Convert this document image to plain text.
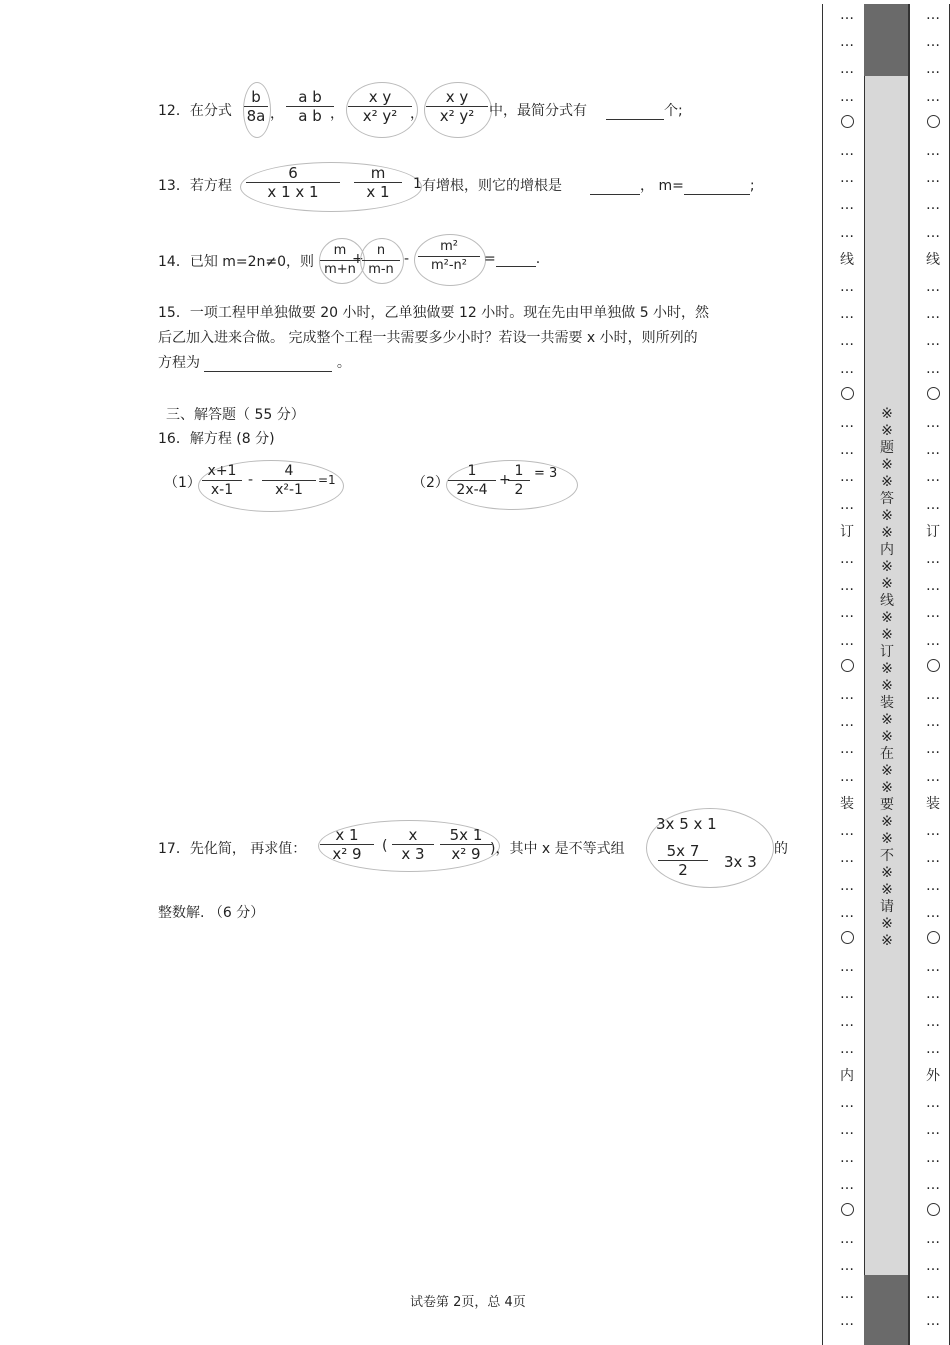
12．在分式 $\frac{b}{8a}$ ， $\frac{\text{a b}}{\text{a b}}$
， $\frac{\text{x y}}{\text{x² y²}}$
， $\frac{\text{x y}}{\text{x² y²}}$ 中，最简分式有	个;
13．若方程 $\frac{6}{x 1 x 1} \frac{m}{x 1} 1$ 有增根，则它的增根是	， m=	;
14．已知 m=2n≠0，则 $\frac{m}{m+n}$
+
$\frac{n}{m-n} - \frac{\text{m²}}{\text{m²-n²}}$ =	.
15．一项工程甲单独做要 20 小时，乙单独做要 12 小时。现在先由甲单独做 5 小时，然
后乙加入进来合做。 完成整个工程一共需要多少小时？若设一共需要 x 小时，则所列的
方程为	。
三、解答题（ 55 分）
16．解方程 (8 分)
$(1) \frac{x+1}{x-1} - \frac{4}{\text{x²-1}} =1$	$(2) \frac{1}{2x-4}$ +
$\frac{1}{2} = 3$
17．先化简， 再求值： $\frac{x 1}{\text{x² 9}}$ ( $\frac{x}{x 3} \frac{5x 1}{\text{x² 9}}$
)，其中 x 是不等式组
3x 5 x 1
$\frac{5x 7}{2} 3x$ 3
的
整数解. （6 分）
试卷第 2页，总 4页
…
…
…
…
…
…
…
…
线
…
…
…
…
…
…
…
…
订
…
…
…
…
…
…
…
…
装
…
…
…
…
…
…
…
…
内
…
…
…
…
…
…
…
…
…
…
…
…
…
…
…
…
线
…
…
…
…
…
…
…
…
订
…
…
…
…
…
…
…
…
装
…
…
…
…
…
…
…
…
外
…
…
…
…
…
…
…
…
※
※
题
※
※
答
※
※
内
※
※
线
※
※
订
※
※
装
※
※
在
※
※
要
※
※
不
※
※
请
※
※
